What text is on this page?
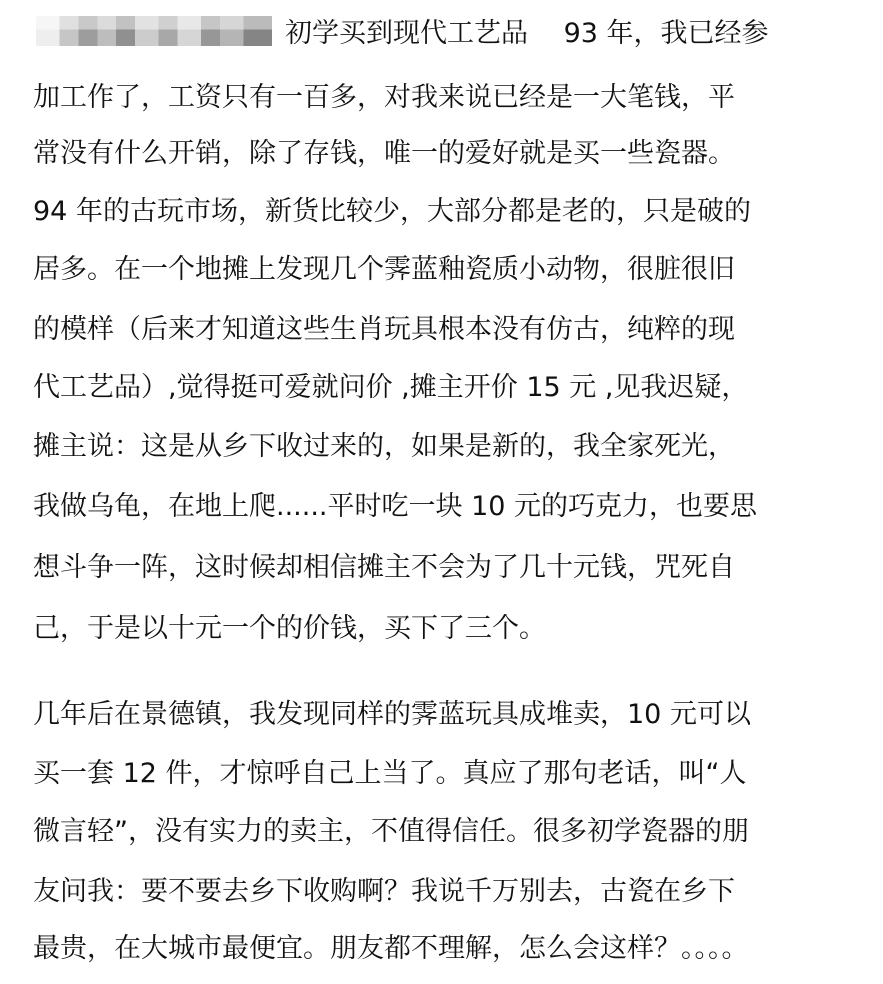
初学买到现代工艺品　 93 年，我已经参
加工作了，工资只有一百多，对我来说已经是一大笔钱，平
常没有什么开销，除了存钱，唯一的爱好就是买一些瓷器。
94 年的古玩市场，新货比较少，大部分都是老的，只是破的
居多。在一个地摊上发现几个霁蓝釉瓷质小动物，很脏很旧
的模样（后来才知道这些生肖玩具根本没有仿古，纯粹的现
代工艺品）,觉得挺可爱就问价 ,摊主开价 15 元 ,见我迟疑，
摊主说：这是从乡下收过来的，如果是新的，我全家死光，
我做乌龟，在地上爬......平时吃一块 10 元的巧克力，也要思
想斗争一阵，这时候却相信摊主不会为了几十元钱，咒死自
己，于是以十元一个的价钱，买下了三个。
几年后在景德镇，我发现同样的霁蓝玩具成堆卖，10 元可以
买一套 12 件，才惊呼自己上当了。真应了那句老话，叫“人
微言轻”，没有实力的卖主，不值得信任。很多初学瓷器的朋
友问我：要不要去乡下收购啊？我说千万别去，古瓷在乡下
最贵，在大城市最便宜。朋友都不理解，怎么会这样？。。。。
